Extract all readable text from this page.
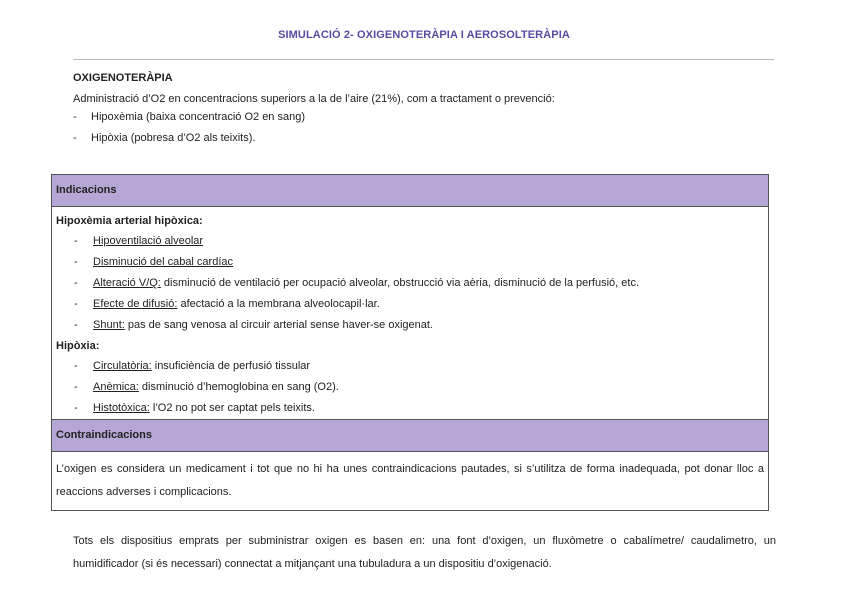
SIMULACIÓ 2- OXIGENOTERÀPIA I AEROSOLTERÀPIA
OXIGENOTERÀPIA
Administració d’O2 en concentracions superiors a la de l’aire (21%), com a tractament o prevenció:
- Hipoxèmia (baixa concentració O2 en sang)
- Hipòxia (pobresa d’O2 als teixits).
Indicacions
Hipoxèmia arterial hipòxica:
- Hipoventilació alveolar
- Disminució del cabal cardíac
- Alteració V/Q: disminució de ventilació per ocupació alveolar, obstrucció via aèria, disminució de la perfusió, etc.
- Efecte de difusió: afectació a la membrana alveolocapil·lar.
- Shunt: pas de sang venosa al circuir arterial sense haver-se oxigenat.
Hipòxia:
- Circulatòria: insuficiència de perfusió tissular
- Anèmica: disminució d’hemoglobina en sang (O2).
- Histotòxica: l’O2 no pot ser captat pels teixits.
Contraindicacions
L’oxigen es considera un medicament i tot que no hi ha unes contraindicacions pautades, si s’utilitza de forma inadequada, pot donar lloc a reaccions adverses i complicacions.
Tots els dispositius emprats per subministrar oxigen es basen en: una font d’oxigen, un fluxòmetre o cabalímetre/ caudalimetro, un humidificador (si és necessari) connectat a mitjançant una tubuladura a un dispositiu d’oxigenació.
